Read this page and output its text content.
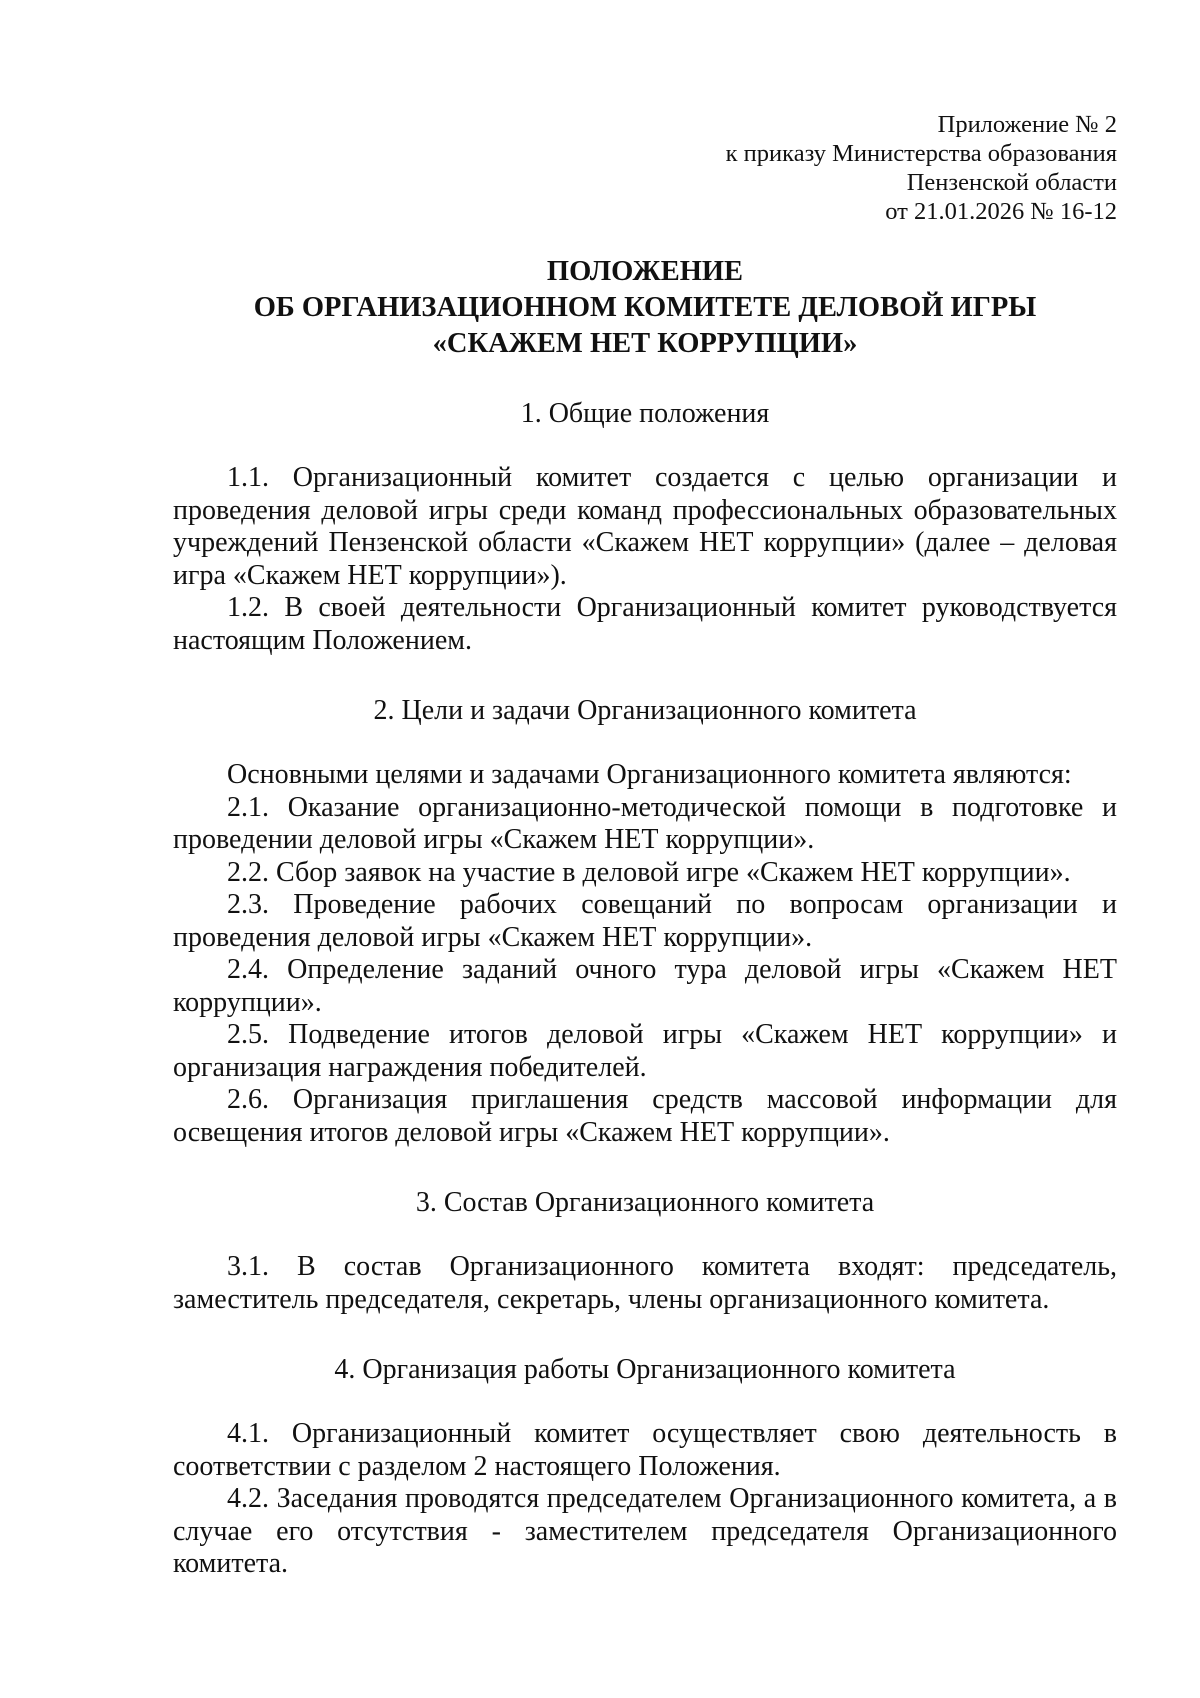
Приложение № 2
к приказу Министерства образования
Пензенской области
от 21.01.2026 № 16-12
ПОЛОЖЕНИЕ
ОБ ОРГАНИЗАЦИОННОМ КОМИТЕТЕ ДЕЛОВОЙ ИГРЫ
«СКАЖЕМ НЕТ КОРРУПЦИИ»
1. Общие положения

1.1. Организационный комитет создается с целью организации и проведения деловой игры среди команд профессиональных образовательных учреждений Пензенской области «Скажем НЕТ коррупции» (далее – деловая игра «Скажем НЕТ коррупции»).

1.2. В своей деятельности Организационный комитет руководствуется настоящим Положением.

2. Цели и задачи Организационного комитета

Основными целями и задачами Организационного комитета являются:

2.1. Оказание организационно-методической помощи в подготовке и проведении деловой игры «Скажем НЕТ коррупции».

2.2. Сбор заявок на участие в деловой игре «Скажем НЕТ коррупции».

2.3. Проведение рабочих совещаний по вопросам организации и проведения деловой игры «Скажем НЕТ коррупции».

2.4. Определение заданий очного тура деловой игры «Скажем НЕТ коррупции».

2.5. Подведение итогов деловой игры «Скажем НЕТ коррупции» и организация награждения победителей.

2.6. Организация приглашения средств массовой информации для освещения итогов деловой игры «Скажем НЕТ коррупции».

3. Состав Организационного комитета

3.1. В состав Организационного комитета входят: председатель, заместитель председателя, секретарь, члены организационного комитета.

4. Организация работы Организационного комитета

4.1. Организационный комитет осуществляет свою деятельность в соответствии с разделом 2 настоящего Положения.

4.2. Заседания проводятся председателем Организационного комитета, а в случае его отсутствия - заместителем председателя Организационного комитета.
